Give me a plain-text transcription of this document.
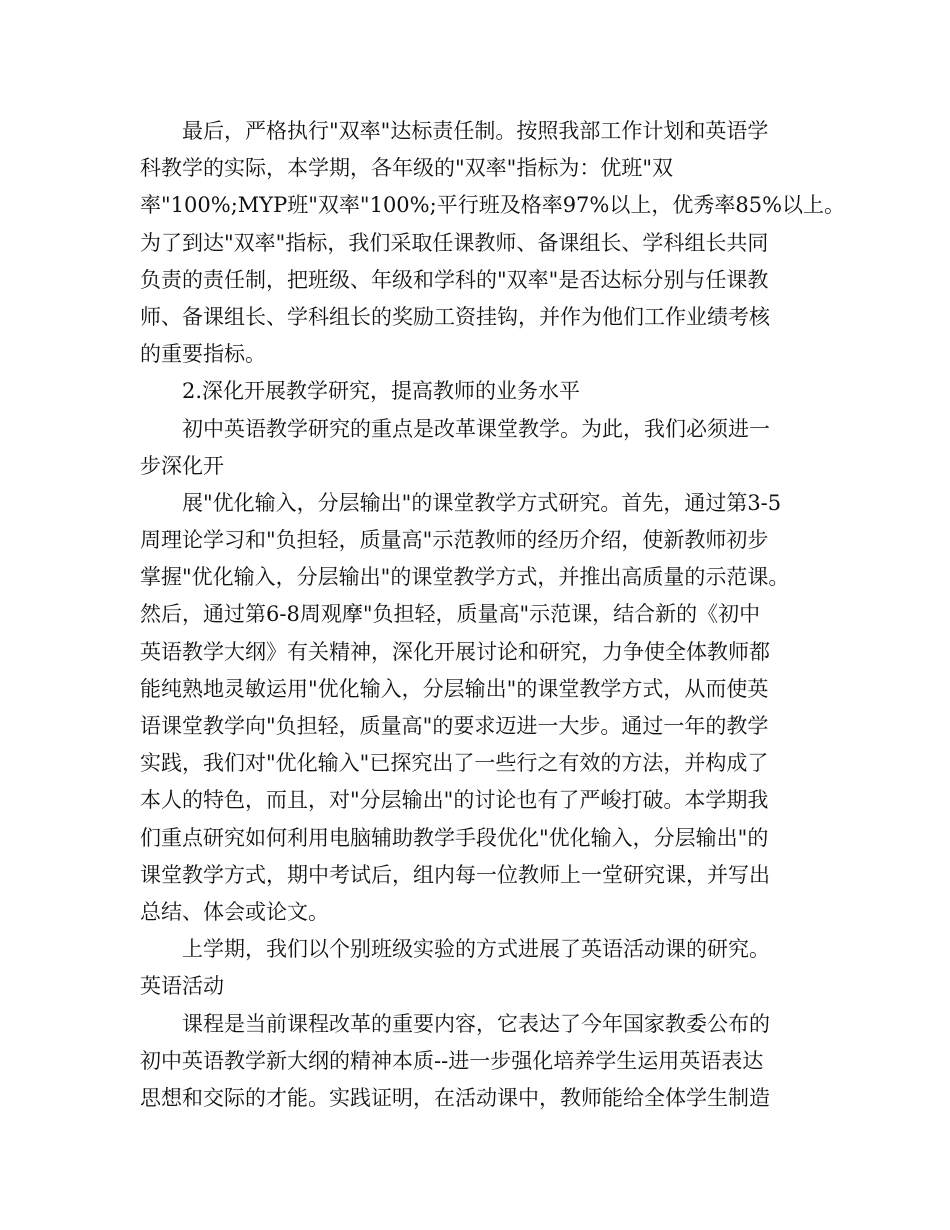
最后，严格执行"双率"达标责任制。按照我部工作计划和英语学
科教学的实际，本学期，各年级的"双率"指标为：优班"双
率"100%;MYP班"双率"100%;平行班及格率97%以上，优秀率85%以上。
为了到达"双率"指标，我们采取任课教师、备课组长、学科组长共同
负责的责任制，把班级、年级和学科的"双率"是否达标分别与任课教
师、备课组长、学科组长的奖励工资挂钩，并作为他们工作业绩考核
的重要指标。
2.深化开展教学研究，提高教师的业务水平
初中英语教学研究的重点是改革课堂教学。为此，我们必须进一
步深化开
展"优化输入，分层输出"的课堂教学方式研究。首先，通过第3-5
周理论学习和"负担轻，质量高"示范教师的经历介绍，使新教师初步
掌握"优化输入，分层输出"的课堂教学方式，并推出高质量的示范课。
然后，通过第6-8周观摩"负担轻，质量高"示范课，结合新的《初中
英语教学大纲》有关精神，深化开展讨论和研究，力争使全体教师都
能纯熟地灵敏运用"优化输入，分层输出"的课堂教学方式，从而使英
语课堂教学向"负担轻，质量高"的要求迈进一大步。通过一年的教学
实践，我们对"优化输入"已探究出了一些行之有效的方法，并构成了
本人的特色，而且，对"分层输出"的讨论也有了严峻打破。本学期我
们重点研究如何利用电脑辅助教学手段优化"优化输入，分层输出"的
课堂教学方式，期中考试后，组内每一位教师上一堂研究课，并写出
总结、体会或论文。
上学期，我们以个别班级实验的方式进展了英语活动课的研究。
英语活动
课程是当前课程改革的重要内容，它表达了今年国家教委公布的
初中英语教学新大纲的精神本质--进一步强化培养学生运用英语表达
思想和交际的才能。实践证明，在活动课中，教师能给全体学生制造
